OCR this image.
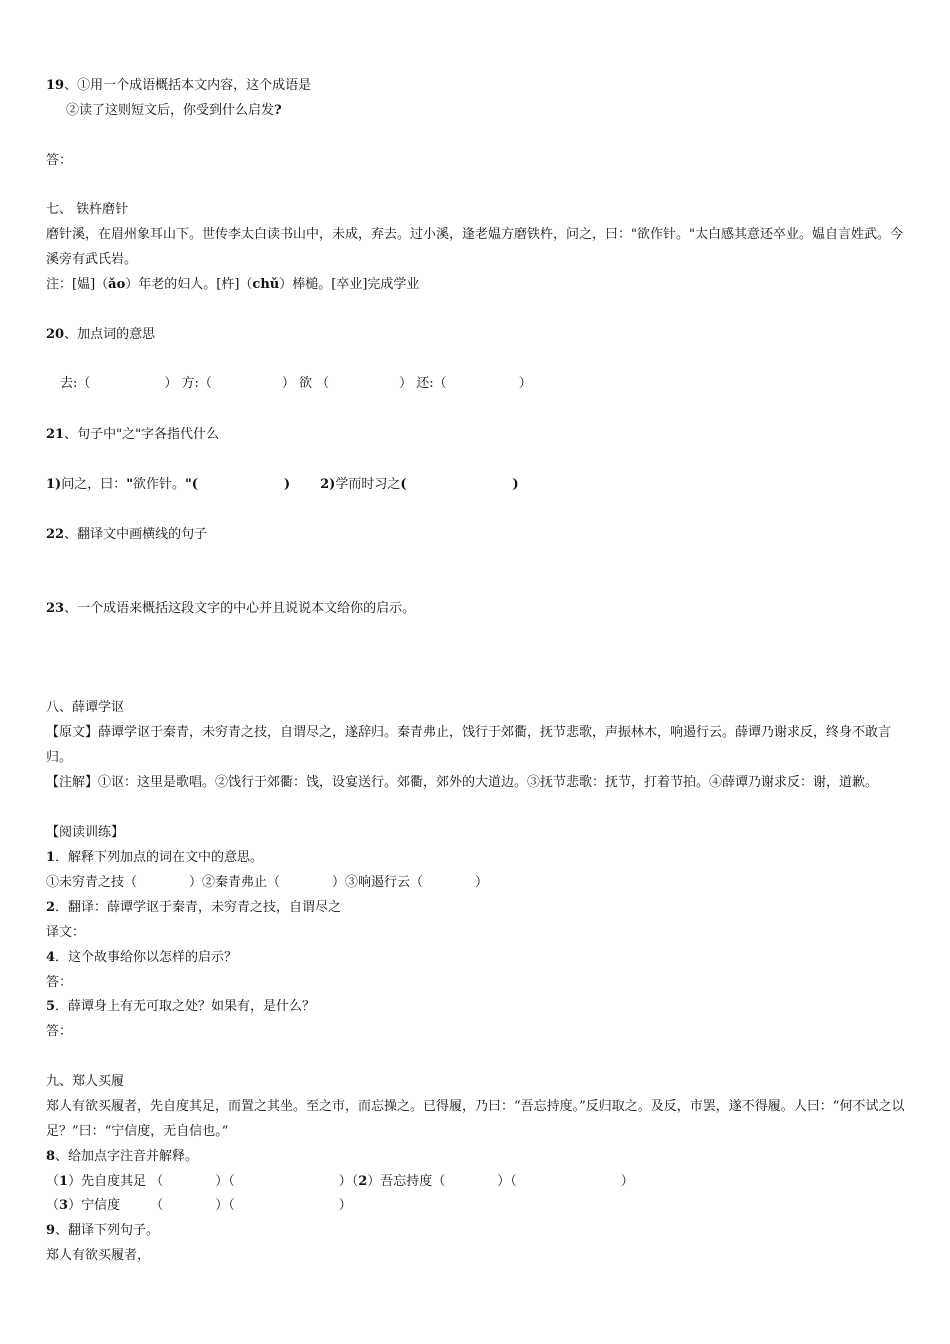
19、①用一个成语概括本文内容，这个成语是
②读了这则短文后，你受到什么启发?
答：
七、 铁杵磨针
磨针溪，在眉州象耳山下。世传李太白读书山中，未成，弃去。过小溪，逢老媪方磨铁杵，问之，曰："欲作针。"太白感其意还卒业。媪自言姓武。今溪旁有武氏岩。
注：[媪]（ǎo）年老的妇人。[杵]（chǔ）棒槌。[卒业]完成学业
20、加点词的意思
去:（	） 方:（	） 欲 （	） 还:（	）
21、句子中"之"字各指代什么
1)问之，曰："欲作针。"(	) 2)学而时习之(	)
22、翻译文中画横线的句子
23、一个成语来概括这段文字的中心并且说说本文给你的启示。
八、薛谭学讴
【原文】薛谭学讴于秦青，未穷青之技，自谓尽之，遂辞归。秦青弗止，饯行于郊衢，抚节悲歌，声振林木，响遏行云。薛谭乃谢求反，终身不敢言归。
【注解】①讴：这里是歌唱。②饯行于郊衢：饯，设宴送行。郊衢，郊外的大道边。③抚节悲歌：抚节，打着节拍。④薛谭乃谢求反：谢，道歉。
【阅读训练】
1．解释下列加点的词在文中的意思。
①未穷青之技（　　　　）②秦青弗止（　　　　）③响遏行云（　　　　）
2．翻译：薛谭学讴于秦青，未穷青之技，自谓尽之
译文：
4．这个故事给你以怎样的启示？
答：
5．薛谭身上有无可取之处？如果有，是什么？
答：
九、郑人买履
郑人有欲买履者，先自度其足，而置之其坐。至之市，而忘操之。已得履，乃曰：“吾忘持度。”反归取之。及反，市罢，遂不得履。人曰：“何不试之以足？”曰：“宁信度，无自信也。”
8、给加点字注音并解释。
（1）先自度其足 （　　　　）（　　　　　　　　）（2）吾忘持度（　　　　）（　　　　　　　　）
（3）宁信度　　 （　　　　）（　　　　　　　　）
9、翻译下列句子。
郑人有欲买履者，
